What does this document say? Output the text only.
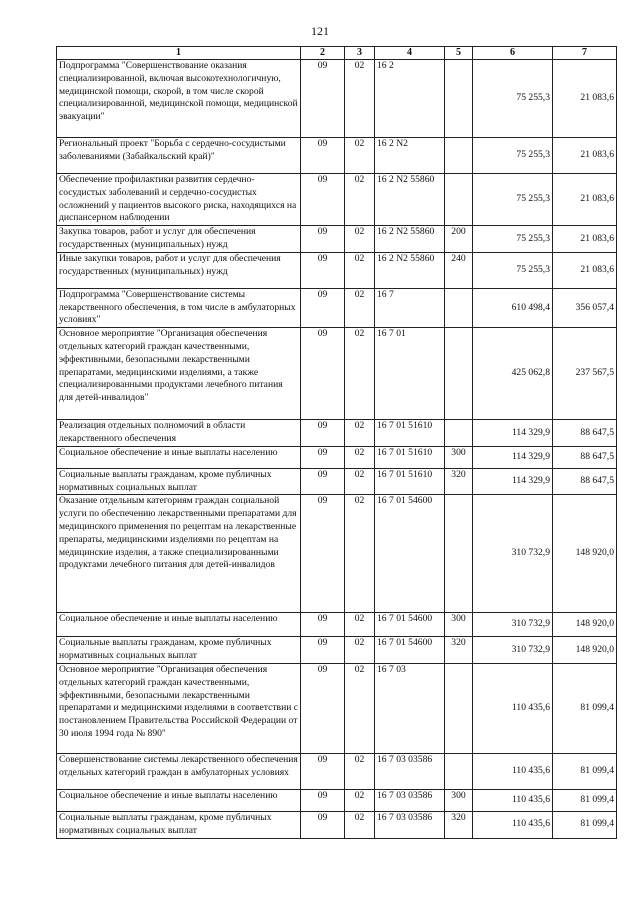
121
1	2	3	4	5	6	7
Подпрограмма "Совершенствование оказания специализированной, включая высокотехнологичную, медицинской помощи, скорой, в том числе скорой специализированной, медицинской помощи, медицинской эвакуации"	09	02	16 2		75 255,3	21 083,6
Региональный проект "Борьба с сердечно-сосудистыми заболеваниями (Забайкальский край)"	09	02	16 2 N2		75 255,3	21 083,6
Обеспечение профилактики развития сердечно-сосудистых заболеваний и сердечно-сосудистых осложнений у пациентов высокого риска, находящихся на диспансерном наблюдении	09	02	16 2 N2 55860		75 255,3	21 083,6
Закупка товаров, работ и услуг для обеспечения государственных (муниципальных) нужд	09	02	16 2 N2 55860	200	75 255,3	21 083,6
Иные закупки товаров, работ и услуг для обеспечения государственных (муниципальных) нужд	09	02	16 2 N2 55860	240	75 255,3	21 083,6
Подпрограмма "Совершенствование системы лекарственного обеспечения, в том числе в амбулаторных условиях"	09	02	16 7		610 498,4	356 057,4
Основное мероприятие "Организация обеспечения отдельных категорий граждан качественными, эффективными, безопасными лекарственными препаратами, медицинскими изделиями, а также специализированными продуктами лечебного питания для детей-инвалидов"	09	02	16 7 01		425 062,8	237 567,5
Реализация отдельных полномочий в области лекарственного обеспечения	09	02	16 7 01 51610		114 329,9	88 647,5
Социальное обеспечение и иные выплаты населению	09	02	16 7 01 51610	300	114 329,9	88 647,5
Социальные выплаты гражданам, кроме публичных нормативных социальных выплат	09	02	16 7 01 51610	320	114 329,9	88 647,5
Оказание отдельным категориям граждан социальной услуги по обеспечению лекарственными препаратами для медицинского применения по рецептам на лекарственные препараты, медицинскими изделиями по рецептам на медицинские изделия, а также специализированными продуктами лечебного питания для детей-инвалидов	09	02	16 7 01 54600		310 732,9	148 920,0
Социальное обеспечение и иные выплаты населению	09	02	16 7 01 54600	300	310 732,9	148 920,0
Социальные выплаты гражданам, кроме публичных нормативных социальных выплат	09	02	16 7 01 54600	320	310 732,9	148 920,0
Основное мероприятие "Организация обеспечения отдельных категорий граждан качественными, эффективными, безопасными лекарственными препаратами и медицинскими изделиями в соответствии с постановлением Правительства Российской Федерации от 30 июля 1994 года № 890"	09	02	16 7 03		110 435,6	81 099,4
Совершенствование системы лекарственного обеспечения отдельных категорий граждан в амбулаторных условиях	09	02	16 7 03 03586		110 435,6	81 099,4
Социальное обеспечение и иные выплаты населению	09	02	16 7 03 03586	300	110 435,6	81 099,4
Социальные выплаты гражданам, кроме публичных нормативных социальных выплат	09	02	16 7 03 03586	320	110 435,6	81 099,4
